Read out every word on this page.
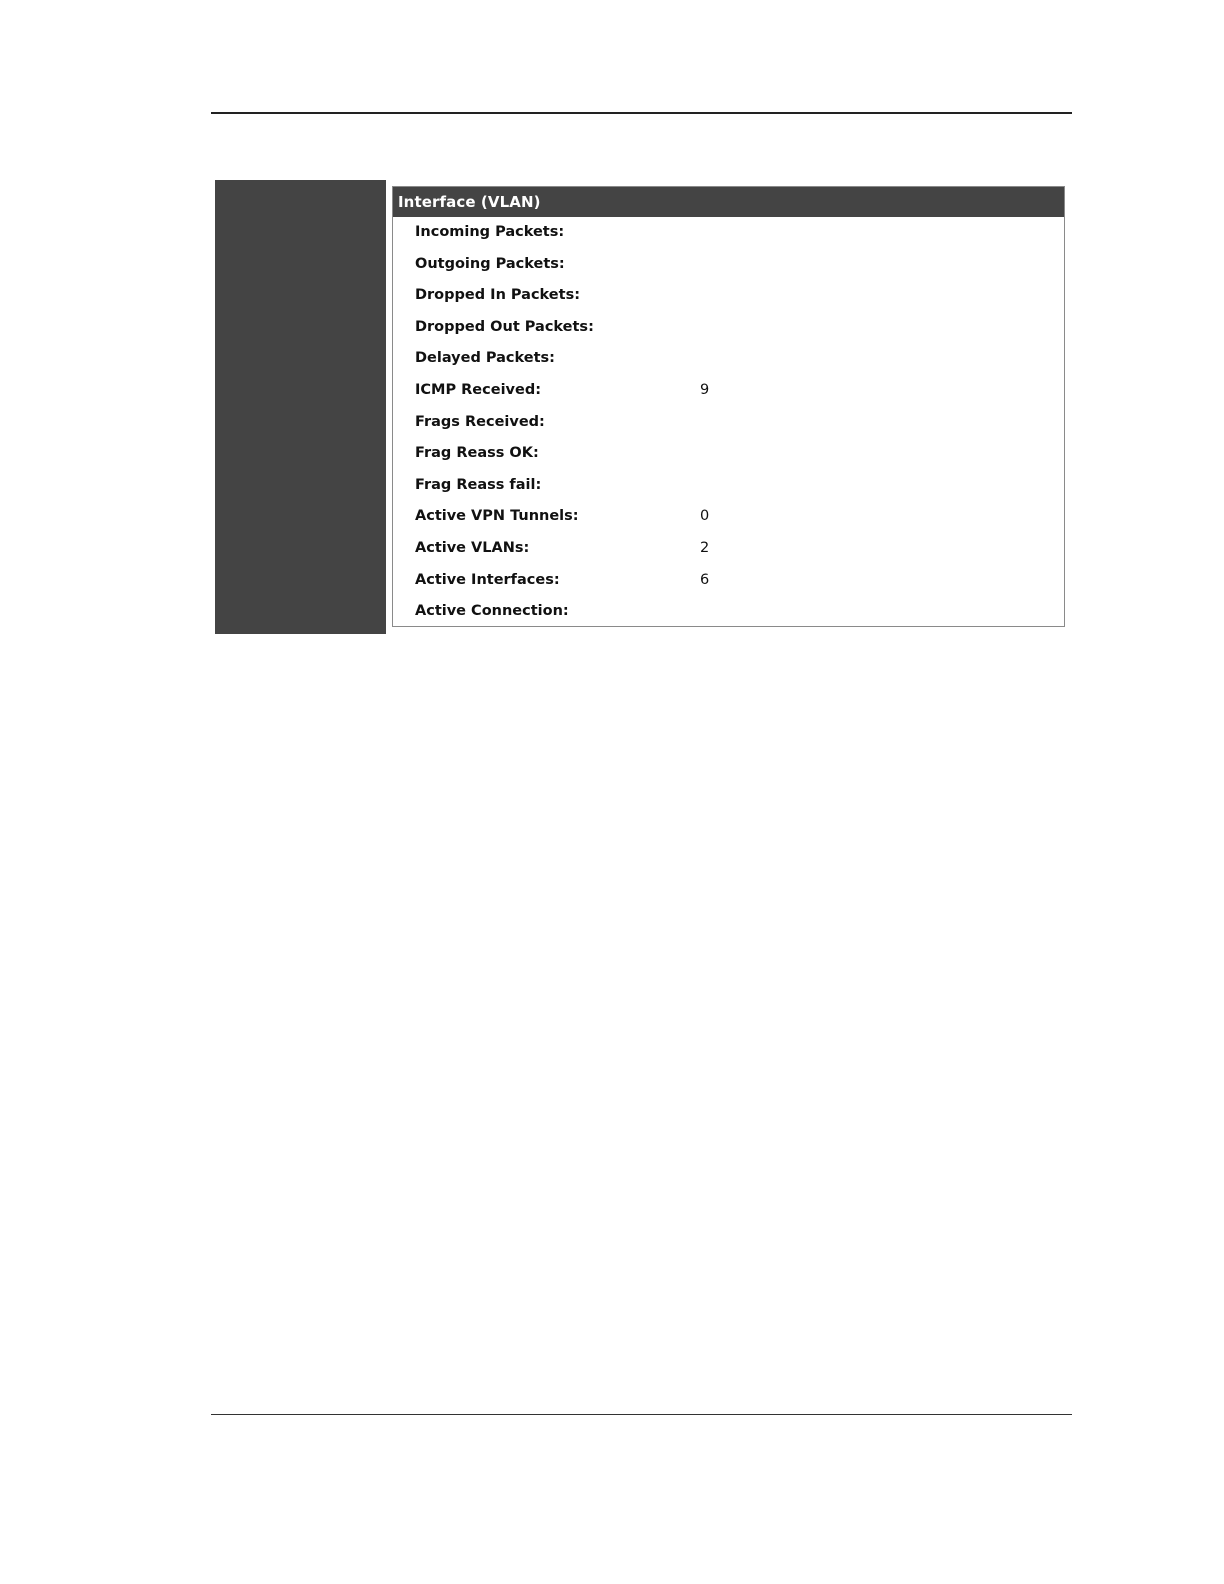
Interface (VLAN)
Incoming Packets:
Outgoing Packets:
Dropped In Packets:
Dropped Out Packets:
Delayed Packets:
ICMP Received:	9
Frags Received:
Frag Reass OK:
Frag Reass fail:
Active VPN Tunnels:	0
Active VLANs:	2
Active Interfaces:	6
Active Connection:
